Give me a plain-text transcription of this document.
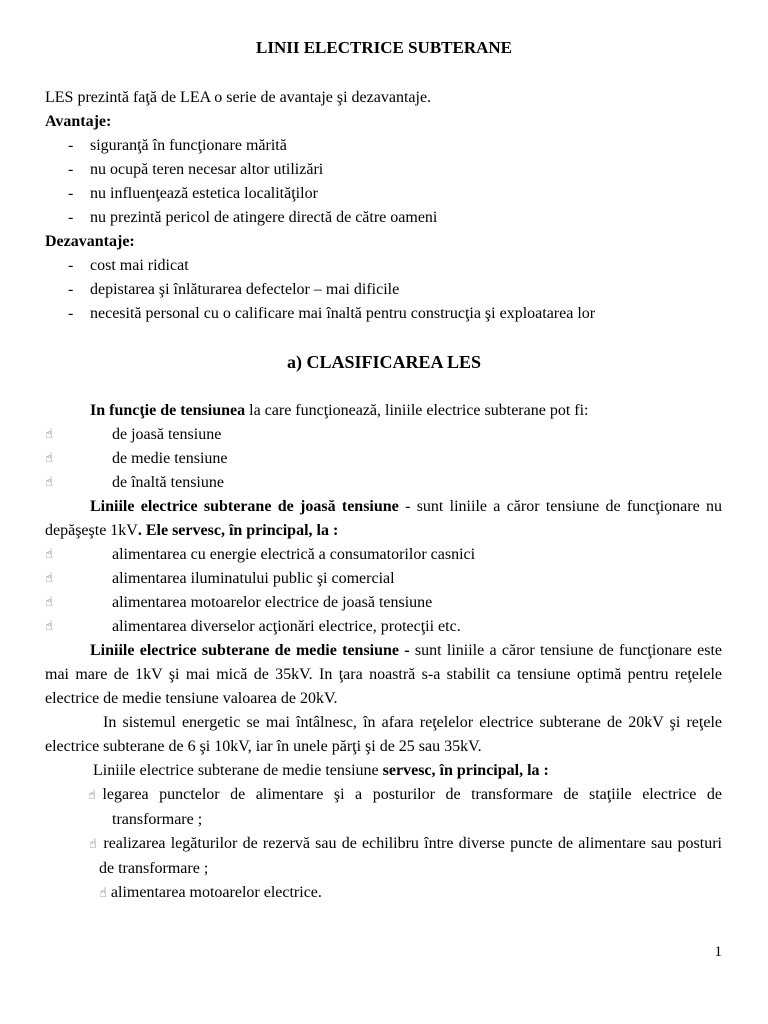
LINII ELECTRICE SUBTERANE

LES prezintă faţă de LEA o serie de avantaje şi dezavantaje.

Avantaje:

- siguranţă în funcţionare mărită
- nu ocupă teren necesar altor utilizări
- nu influenţează estetica localităţilor
- nu prezintă pericol de atingere directă de către oameni

Dezavantaje:

- cost mai ridicat
- depistarea şi înlăturarea defectelor – mai dificile
- necesită personal cu o calificare mai înaltă pentru construcţia şi exploatarea lor
a) CLASIFICAREA LES

In funcţie de tensiunea la care funcţionează, liniile electrice subterane pot fi:

☝	de joasă tensiune
☝	de medie tensiune
☝	de înaltă tensiune

Liniile electrice subterane de joasă tensiune - sunt liniile a căror tensiune de funcţionare nu depăşeşte 1kV. Ele servesc, în principal, la :

☝	alimentarea cu energie electrică a consumatorilor casnici
☝	alimentarea iluminatului public şi comercial
☝	alimentarea motoarelor electrice de joasă tensiune
☝	alimentarea diverselor acţionări electrice, protecţii etc.

Liniile electrice subterane de medie tensiune - sunt liniile a căror tensiune de funcţionare este mai mare de 1kV şi mai mică de 35kV. In ţara noastră s-a stabilit ca tensiune optimă pentru reţelele electrice de medie tensiune valoarea de 20kV.

In sistemul energetic se mai întâlnesc, în afara reţelelor electrice subterane de 20kV şi reţele electrice subterane de 6 şi 10kV, iar în unele părţi şi de 25 sau 35kV.

Liniile electrice subterane de medie tensiune servesc, în principal, la :

☝legarea punctelor de alimentare şi a posturilor de transformare de staţiile electrice de transformare ;

☝ realizarea legăturilor de rezervă sau de echilibru între diverse puncte de alimentare sau posturi de transformare ;

☝ alimentarea motoarelor electrice.

1
